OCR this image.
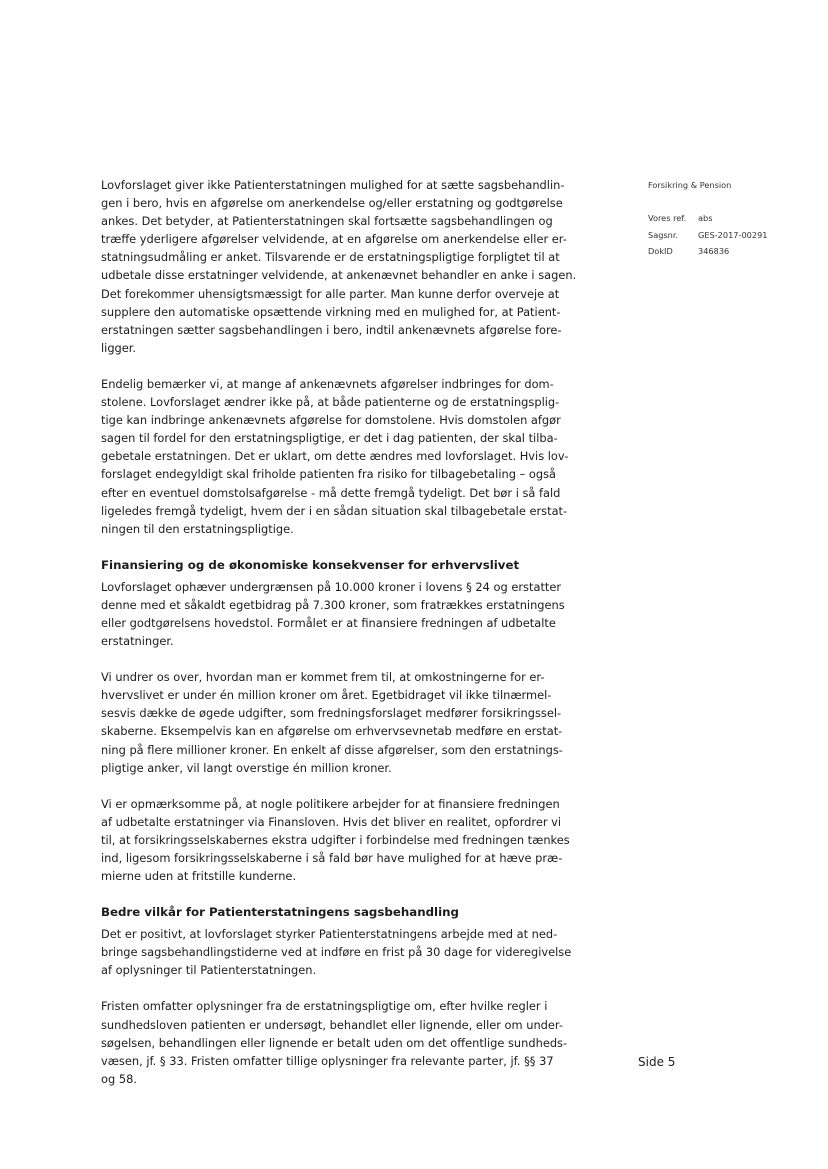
Lovforslaget giver ikke Patienterstatningen mulighed for at sætte sagsbehandlin-
gen i bero, hvis en afgørelse om anerkendelse og/eller erstatning og godtgørelse
ankes. Det betyder, at Patienterstatningen skal fortsætte sagsbehandlingen og
træffe yderligere afgørelser velvidende, at en afgørelse om anerkendelse eller er-
statningsudmåling er anket. Tilsvarende er de erstatningspligtige forpligtet til at
udbetale disse erstatninger velvidende, at ankenævnet behandler en anke i sagen.
Det forekommer uhensigtsmæssigt for alle parter. Man kunne derfor overveje at
supplere den automatiske opsættende virkning med en mulighed for, at Patient-
erstatningen sætter sagsbehandlingen i bero, indtil ankenævnets afgørelse fore-
ligger.

Endelig bemærker vi, at mange af ankenævnets afgørelser indbringes for dom-
stolene. Lovforslaget ændrer ikke på, at både patienterne og de erstatningsplig-
tige kan indbringe ankenævnets afgørelse for domstolene. Hvis domstolen afgør
sagen til fordel for den erstatningspligtige, er det i dag patienten, der skal tilba-
gebetale erstatningen. Det er uklart, om dette ændres med lovforslaget. Hvis lov-
forslaget endegyldigt skal friholde patienten fra risiko for tilbagebetaling – også
efter en eventuel domstolsafgørelse - må dette fremgå tydeligt. Det bør i så fald
ligeledes fremgå tydeligt, hvem der i en sådan situation skal tilbagebetale erstat-
ningen til den erstatningspligtige.

Finansiering og de økonomiske konsekvenser for erhvervslivet

Lovforslaget ophæver undergrænsen på 10.000 kroner i lovens § 24 og erstatter
denne med et såkaldt egetbidrag på 7.300 kroner, som fratrækkes erstatningens
eller godtgørelsens hovedstol. Formålet er at finansiere fredningen af udbetalte
erstatninger.

Vi undrer os over, hvordan man er kommet frem til, at omkostningerne for er-
hvervslivet er under én million kroner om året. Egetbidraget vil ikke tilnærmel-
sesvis dække de øgede udgifter, som fredningsforslaget medfører forsikringssel-
skaberne. Eksempelvis kan en afgørelse om erhvervsevnetab medføre en erstat-
ning på flere millioner kroner. En enkelt af disse afgørelser, som den erstatnings-
pligtige anker, vil langt overstige én million kroner.

Vi er opmærksomme på, at nogle politikere arbejder for at finansiere fredningen
af udbetalte erstatninger via Finansloven. Hvis det bliver en realitet, opfordrer vi
til, at forsikringsselskabernes ekstra udgifter i forbindelse med fredningen tænkes
ind, ligesom forsikringsselskaberne i så fald bør have mulighed for at hæve præ-
mierne uden at fritstille kunderne.

Bedre vilkår for Patienterstatningens sagsbehandling

Det er positivt, at lovforslaget styrker Patienterstatningens arbejde med at ned-
bringe sagsbehandlingstiderne ved at indføre en frist på 30 dage for videregivelse
af oplysninger til Patienterstatningen.

Fristen omfatter oplysninger fra de erstatningspligtige om, efter hvilke regler i
sundhedsloven patienten er undersøgt, behandlet eller lignende, eller om under-
søgelsen, behandlingen eller lignende er betalt uden om det offentlige sundheds-
væsen, jf. § 33. Fristen omfatter tillige oplysninger fra relevante parter, jf. §§ 37
og 58.

Forsikring & Pension
Vores ref.	abs
Sagsnr.	GES-2017-00291
DokID	346836
Side 5
